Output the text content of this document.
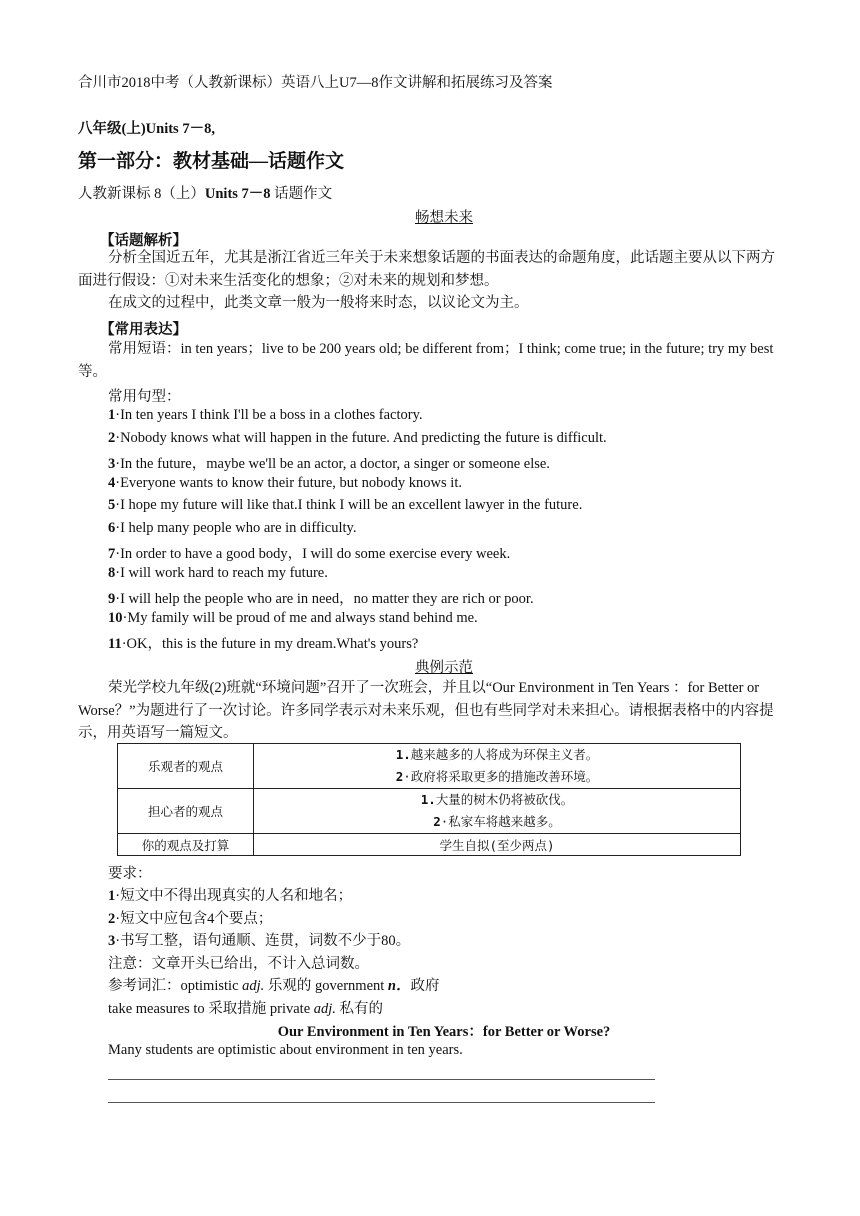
合川市2018中考（人教新课标）英语八上U7—8作文讲解和拓展练习及答案
八年级(上)Units 7－8,
第一部分：教材基础—话题作文
人教新课标 8（上）Units 7－8 话题作文
畅想未来
【话题解析】
分析全国近五年，尤其是浙江省近三年关于未来想象话题的书面表达的命题角度，此话题主要从以下两方面进行假设：①对未来生活变化的想象；②对未来的规划和梦想。
在成文的过程中，此类文章一般为一般将来时态，以议论文为主。
【常用表达】
常用短语：in ten years；live to be 200 years old; be different from；I think; come true; in the future; try my best等。
常用句型：
1·In ten years I think I'll be a boss in a clothes factory.
2·Nobody knows what will happen in the future. And predicting the future is difficult.
3·In the future，maybe we'll be an actor, a doctor, a singer or someone else.
4·Everyone wants to know their future, but nobody knows it.
5·I hope my future will like that.I think I will be an excellent lawyer in the future.
6·I help many people who are in difficulty.
7·In order to have a good body，I will do some exercise every week.
8·I will work hard to reach my future.
9·I will help the people who are in need，no matter they are rich or poor.
10·My family will be proud of me and always stand behind me.
11·OK，this is the future in my dream.What's yours?
典例示范
荣光学校九年级(2)班就“环境问题”召开了一次班会，并且以“Our Environment in Ten Years ：for Better or Worse？”为题进行了一次讨论。许多同学表示对未来乐观，但也有些同学对未来担心。请根据表格中的内容提示，用英语写一篇短文。
乐观者的观点	1.越来越多的人将成为环保主义者。
2·政府将采取更多的措施改善环境。

担心者的观点	1.大量的树木仍将被砍伐。
2·私家车将越来越多。

你的观点及打算	学生自拟(至少两点)
要求：
1·短文中不得出现真实的人名和地名；
2·短文中应包含4个要点；
3·书写工整，语句通顺、连贯，词数不少于80。
注意：文章开头已给出，不计入总词数。
参考词汇：optimistic adj. 乐观的 government n．政府
take measures to 采取措施 private adj. 私有的
Our Environment in Ten Years：for Better or Worse?
Many students are optimistic about environment in ten years.
